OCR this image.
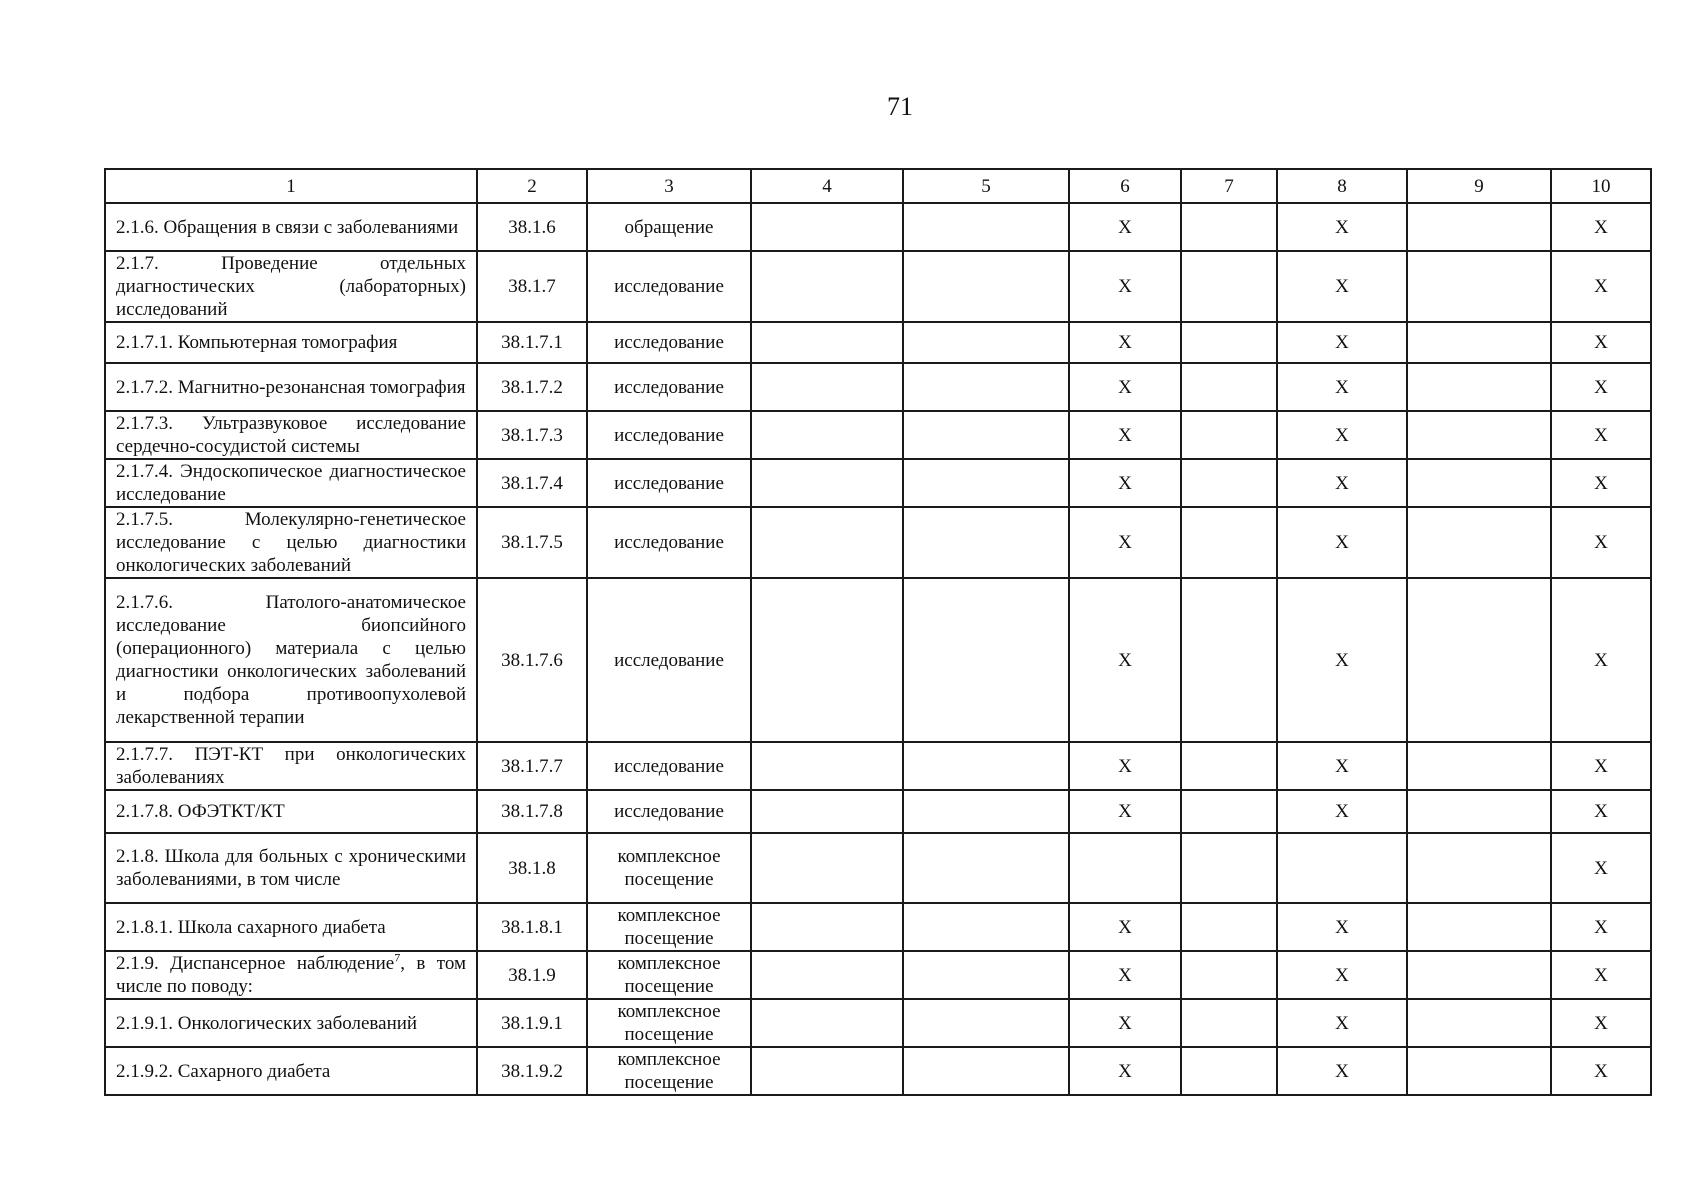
71
1	2	3	4	5	6	7	8	9	10
2.1.6. Обращения в связи с заболеваниями	38.1.6	обращение			Х		Х		Х
2.1.7. Проведение отдельных диагностических (лабораторных) исследований	38.1.7	исследование			Х		Х		Х
2.1.7.1. Компьютерная томография	38.1.7.1	исследование			Х		Х		Х
2.1.7.2. Магнитно-резонансная томография	38.1.7.2	исследование			Х		Х		Х
2.1.7.3. Ультразвуковое исследование сердечно-сосудистой системы	38.1.7.3	исследование			Х		Х		Х
2.1.7.4. Эндоскопическое диагностическое исследование	38.1.7.4	исследование			Х		Х		Х
2.1.7.5. Молекулярно-генетическое исследование с целью диагностики онкологических заболеваний	38.1.7.5	исследование			Х		Х		Х
2.1.7.6. Патолого-анатомическое исследование биопсийного (операционного) материала с целью диагностики онкологических заболеваний и подбора противоопухолевой лекарственной терапии	38.1.7.6	исследование			Х		Х		Х
2.1.7.7. ПЭТ-КТ при онкологических заболеваниях	38.1.7.7	исследование			Х		Х		Х
2.1.7.8. ОФЭТКТ/КТ	38.1.7.8	исследование			Х		Х		Х
2.1.8. Школа для больных с хроническими заболеваниями, в том числе	38.1.8	комплексное посещение							Х
2.1.8.1. Школа сахарного диабета	38.1.8.1	комплексное посещение			Х		Х		Х
2.1.9. Диспансерное наблюдение$^7$, в том числе по поводу:	38.1.9	комплексное посещение			Х		Х		Х
2.1.9.1. Онкологических заболеваний	38.1.9.1	комплексное посещение			Х		Х		Х
2.1.9.2. Сахарного диабета	38.1.9.2	комплексное посещение			Х		Х		Х
